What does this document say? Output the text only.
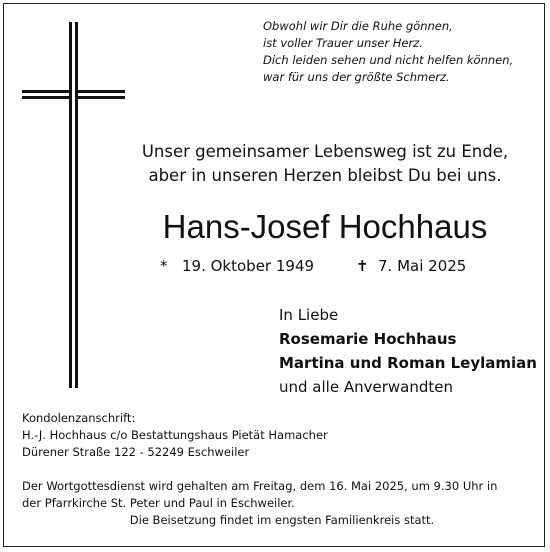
Obwohl wir Dir die Ruhe gönnen,
ist voller Trauer unser Herz.
Dich leiden sehen und nicht helfen können,
war für uns der größte Schmerz.
Unser gemeinsamer Lebensweg ist zu Ende,
aber in unseren Herzen bleibst Du bei uns.
Hans-Josef Hochhaus
* 19. Oktober 1949	✝ 7. Mai 2025
In Liebe
Rosemarie Hochhaus
Martina und Roman Leylamian
und alle Anverwandten
Kondolenzanschrift:
H.-J. Hochhaus c/o Bestattungshaus Pietät Hamacher
Dürener Straße 122 - 52249 Eschweiler
Der Wortgottesdienst wird gehalten am Freitag, dem 16. Mai 2025, um 9.30 Uhr in
der Pfarrkirche St. Peter und Paul in Eschweiler.
Die Beisetzung findet im engsten Familienkreis statt.
